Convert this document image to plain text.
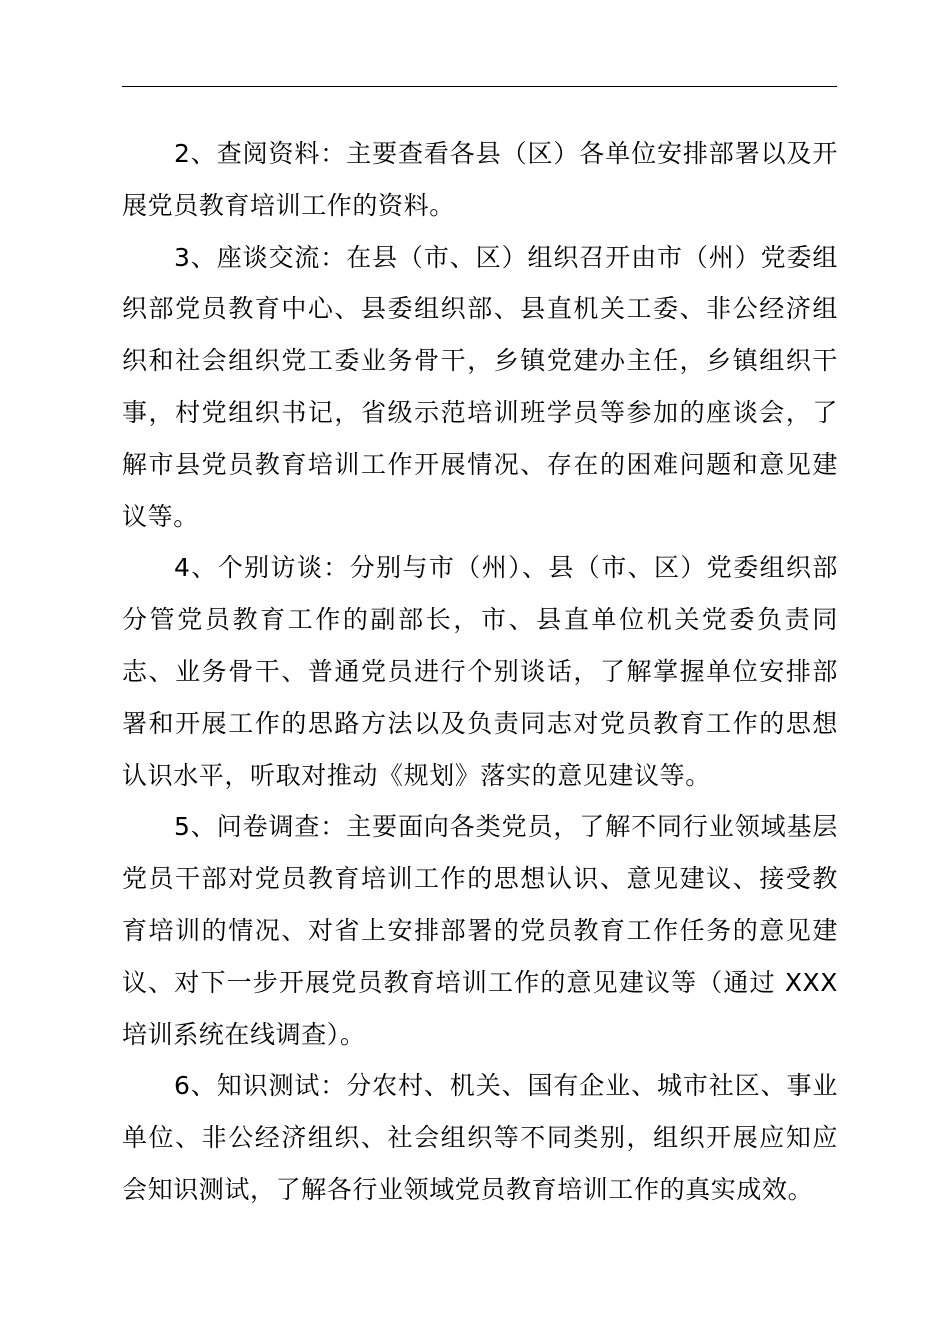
2、查阅资料：主要查看各县（区）各单位安排部署以及开展党员教育培训工作的资料。

3、座谈交流：在县（市、区）组织召开由市（州）党委组织部党员教育中心、县委组织部、县直机关工委、非公经济组织和社会组织党工委业务骨干，乡镇党建办主任，乡镇组织干事，村党组织书记，省级示范培训班学员等参加的座谈会，了解市县党员教育培训工作开展情况、存在的困难问题和意见建议等。

4、个别访谈：分别与市（州）、县（市、区）党委组织部分管党员教育工作的副部长，市、县直单位机关党委负责同志、业务骨干、普通党员进行个别谈话，了解掌握单位安排部署和开展工作的思路方法以及负责同志对党员教育工作的思想认识水平，听取对推动《规划》落实的意见建议等。

5、问卷调查：主要面向各类党员，了解不同行业领域基层党员干部对党员教育培训工作的思想认识、意见建议、接受教育培训的情况、对省上安排部署的党员教育工作任务的意见建议、对下一步开展党员教育培训工作的意见建议等（通过 XXX 培训系统在线调查）。

6、知识测试：分农村、机关、国有企业、城市社区、事业单位、非公经济组织、社会组织等不同类别，组织开展应知应会知识测试，了解各行业领域党员教育培训工作的真实成效。
